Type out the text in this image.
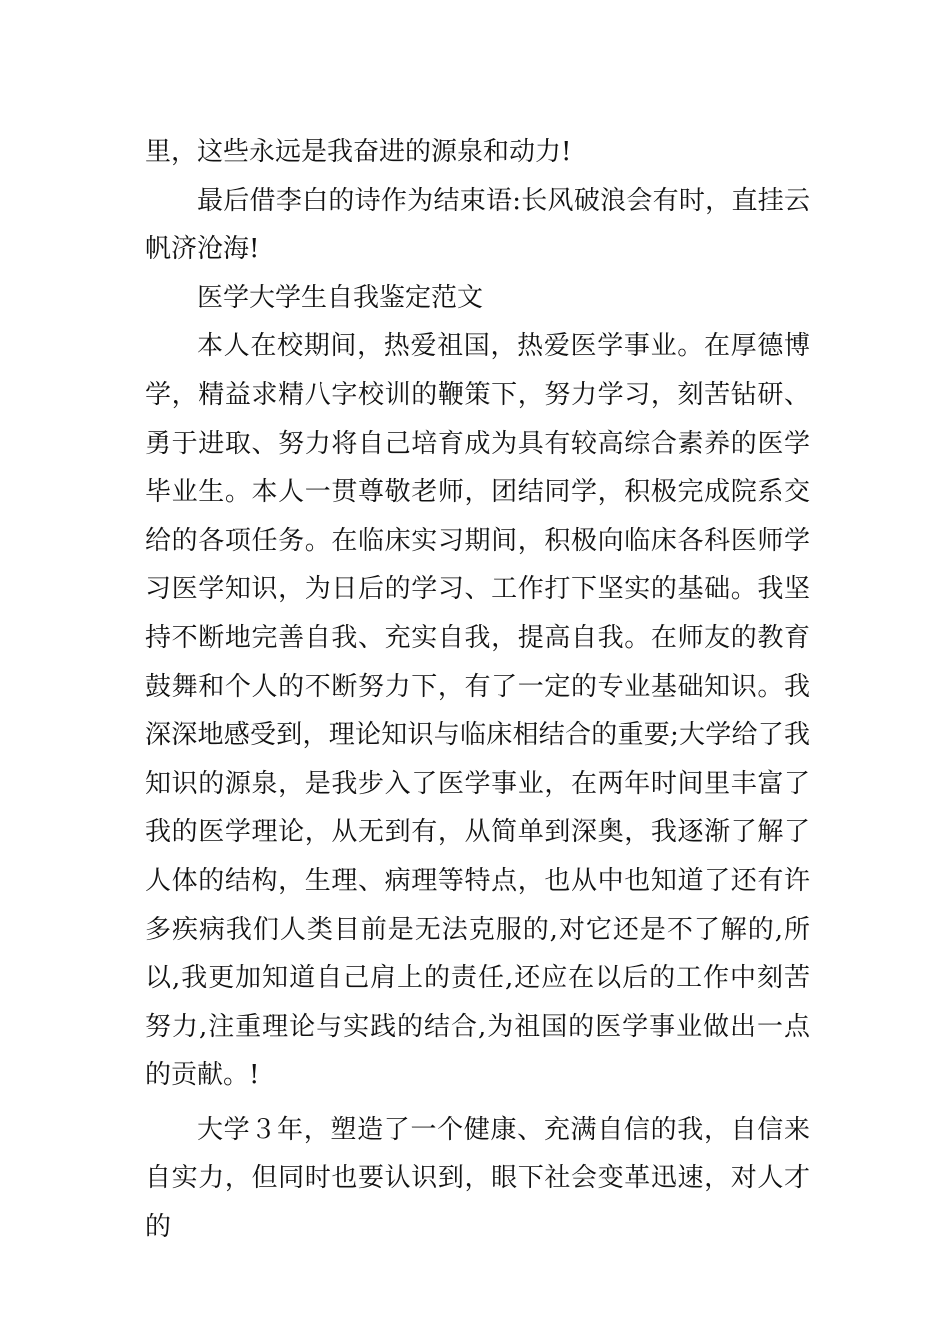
里，这些永远是我奋进的源泉和动力!

最后借李白的诗作为结束语:长风破浪会有时，直挂云帆济沧海!

医学大学生自我鉴定范文

本人在校期间，热爱祖国，热爱医学事业。在厚德博学，精益求精八字校训的鞭策下，努力学习，刻苦钻研、勇于进取、努力将自己培育成为具有较高综合素养的医学毕业生。本人一贯尊敬老师，团结同学，积极完成院系交给的各项任务。在临床实习期间，积极向临床各科医师学习医学知识，为日后的学习、工作打下坚实的基础。我坚持不断地完善自我、充实自我，提高自我。在师友的教育鼓舞和个人的不断努力下，有了一定的专业基础知识。我深深地感受到，理论知识与临床相结合的重要;大学给了我知识的源泉，是我步入了医学事业，在两年时间里丰富了我的医学理论，从无到有，从简单到深奥，我逐渐了解了人体的结构，生理、病理等特点，也从中也知道了还有许多疾病我们人类目前是无法克服的,对它还是不了解的,所以,我更加知道自己肩上的责任,还应在以后的工作中刻苦努力,注重理论与实践的结合,为祖国的医学事业做出一点的贡献。!

大学３年，塑造了一个健康、充满自信的我，自信来自实力，但同时也要认识到，眼下社会变革迅速，对人才的
